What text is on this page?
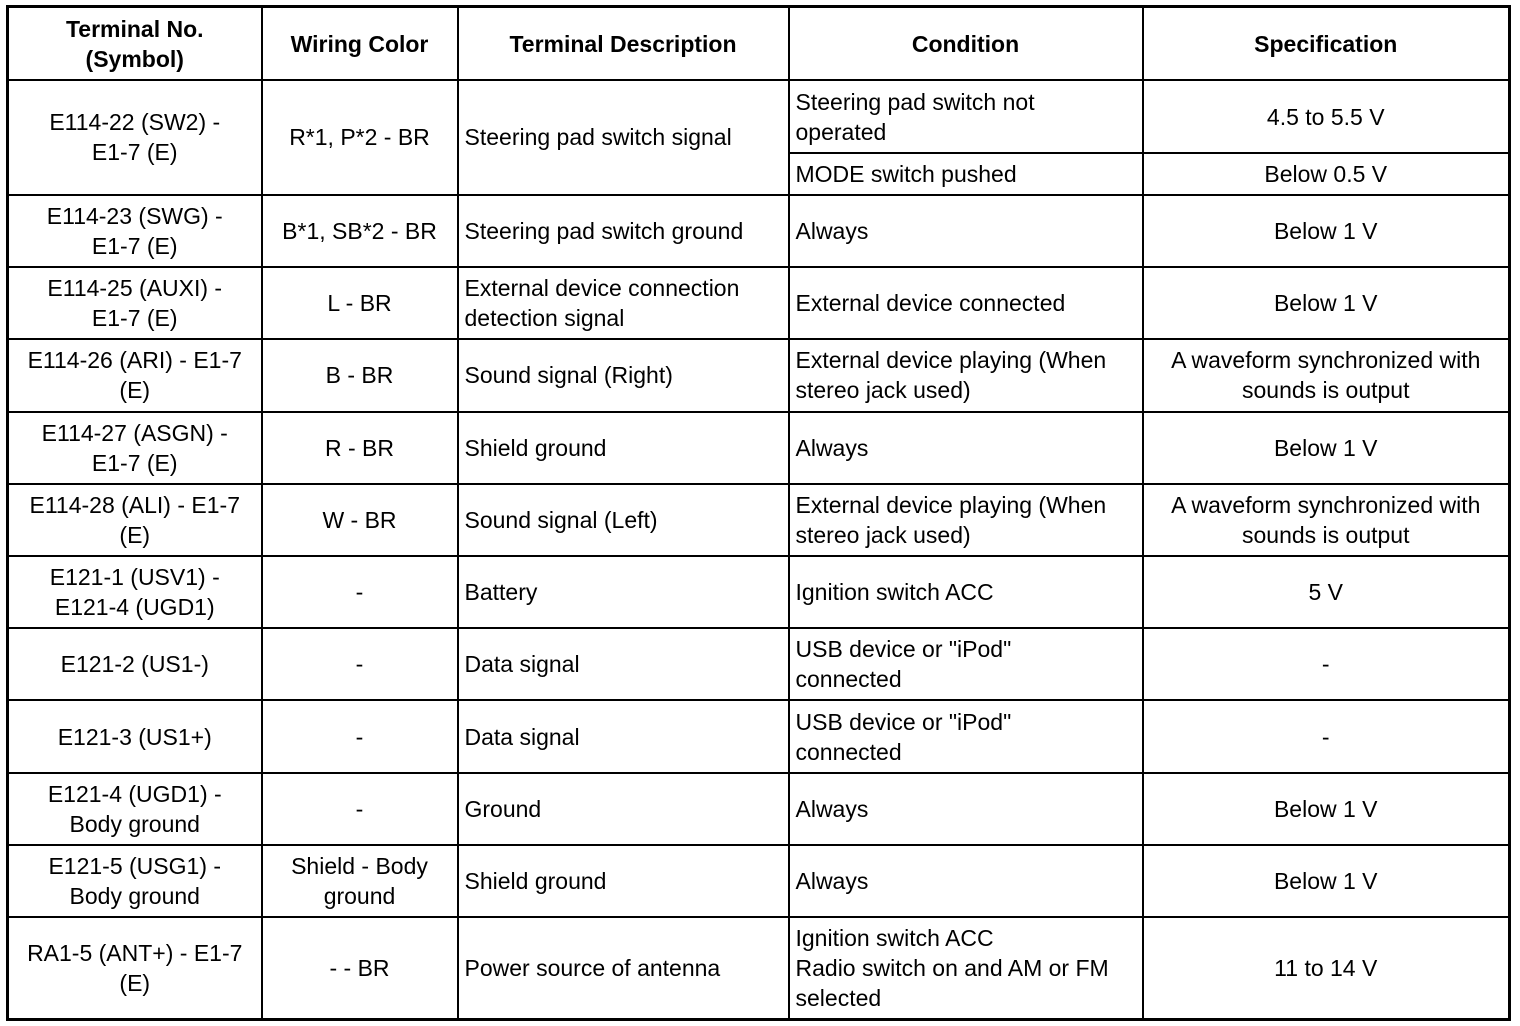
Terminal No.
(Symbol)	Wiring Color	Terminal Description	Condition	Specification
E114-22 (SW2) -
E1-7 (E)	R*1, P*2 - BR	Steering pad switch signal	Steering pad switch not
operated	4.5 to 5.5 V
			MODE switch pushed	Below 0.5 V
E114-23 (SWG) -
E1-7 (E)	B*1, SB*2 - BR	Steering pad switch ground	Always	Below 1 V
E114-25 (AUXI) -
E1-7 (E)	L - BR	External device connection
detection signal	External device connected	Below 1 V
E114-26 (ARI) - E1-7
(E)	B - BR	Sound signal (Right)	External device playing (When
stereo jack used)	A waveform synchronized with
sounds is output
E114-27 (ASGN) -
E1-7 (E)	R - BR	Shield ground	Always	Below 1 V
E114-28 (ALI) - E1-7
(E)	W - BR	Sound signal (Left)	External device playing (When
stereo jack used)	A waveform synchronized with
sounds is output
E121-1 (USV1) -
E121-4 (UGD1)	-	Battery	Ignition switch ACC	5 V
E121-2 (US1-)	-	Data signal	USB device or "iPod"
connected	-
E121-3 (US1+)	-	Data signal	USB device or "iPod"
connected	-
E121-4 (UGD1) -
Body ground	-	Ground	Always	Below 1 V
E121-5 (USG1) -
Body ground	Shield - Body
ground	Shield ground	Always	Below 1 V
RA1-5 (ANT+) - E1-7
(E)	- - BR	Power source of antenna	Ignition switch ACC
Radio switch on and AM or FM
selected	11 to 14 V
